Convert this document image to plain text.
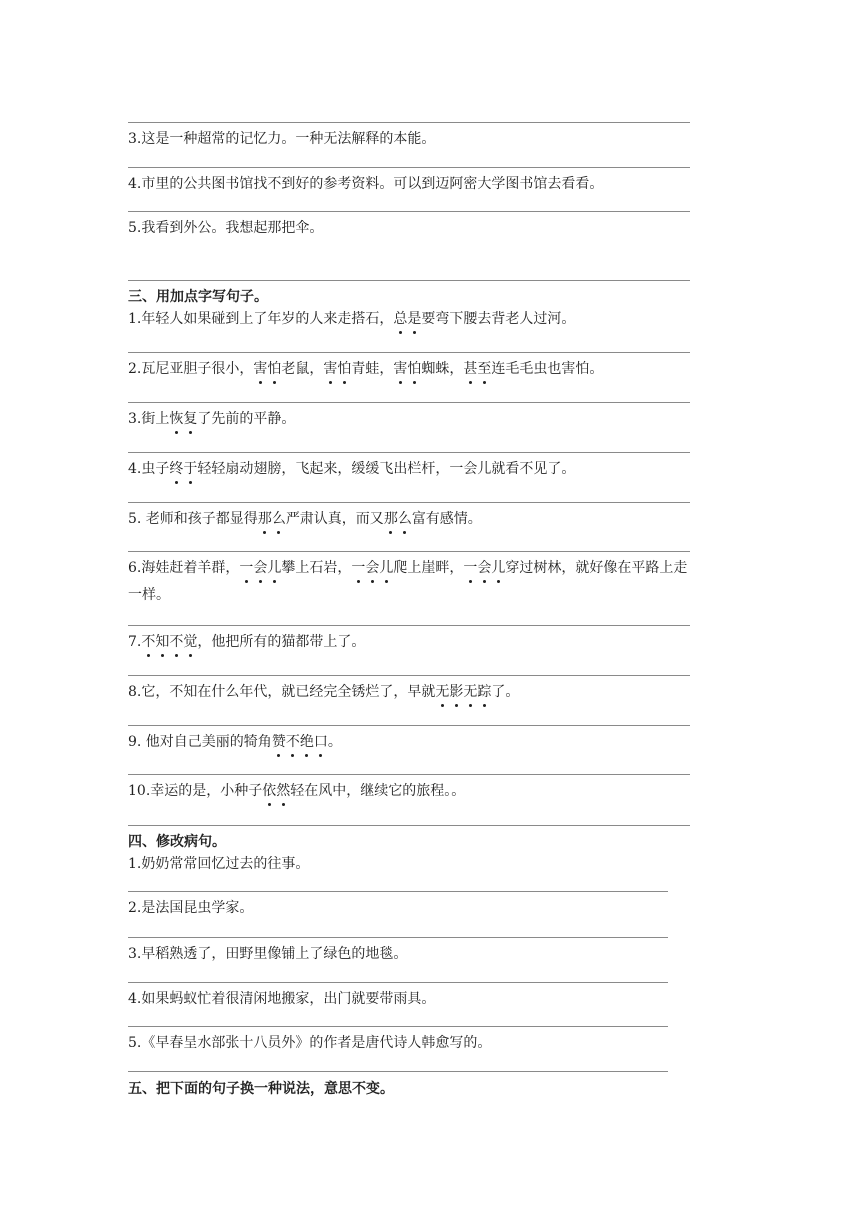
3.这是一种超常的记忆力。一种无法解释的本能。
4.市里的公共图书馆找不到好的参考资料。可以到迈阿密大学图书馆去看看。
5.我看到外公。我想起那把伞。
三、用加点字写句子。
1.年轻人如果碰到上了年岁的人来走搭石，总是要弯下腰去背老人过河。
2.瓦尼亚胆子很小，害怕老鼠，害怕青蛙，害怕蜘蛛，甚至连毛毛虫也害怕。
3.街上恢复了先前的平静。
4.虫子终于轻轻扇动翅膀，飞起来，缓缓飞出栏杆，一会儿就看不见了。
5. 老师和孩子都显得那么严肃认真，而又那么富有感情。
6.海娃赶着羊群，一会儿攀上石岩，一会儿爬上崖畔，一会儿穿过树林，就好像在平路上走
一样。
7.不知不觉，他把所有的猫都带上了。
8.它，不知在什么年代，就已经完全锈烂了，早就无影无踪了。
9. 他对自己美丽的犄角赞不绝口。
10.幸运的是，小种子依然轻在风中，继续它的旅程。。
四、修改病句。
1.奶奶常常回忆过去的往事。
2.是法国昆虫学家。
3.早稻熟透了，田野里像铺上了绿色的地毯。
4.如果蚂蚁忙着很清闲地搬家，出门就要带雨具。
5.《早春呈水部张十八员外》的作者是唐代诗人韩愈写的。
五、把下面的句子换一种说法，意思不变。
